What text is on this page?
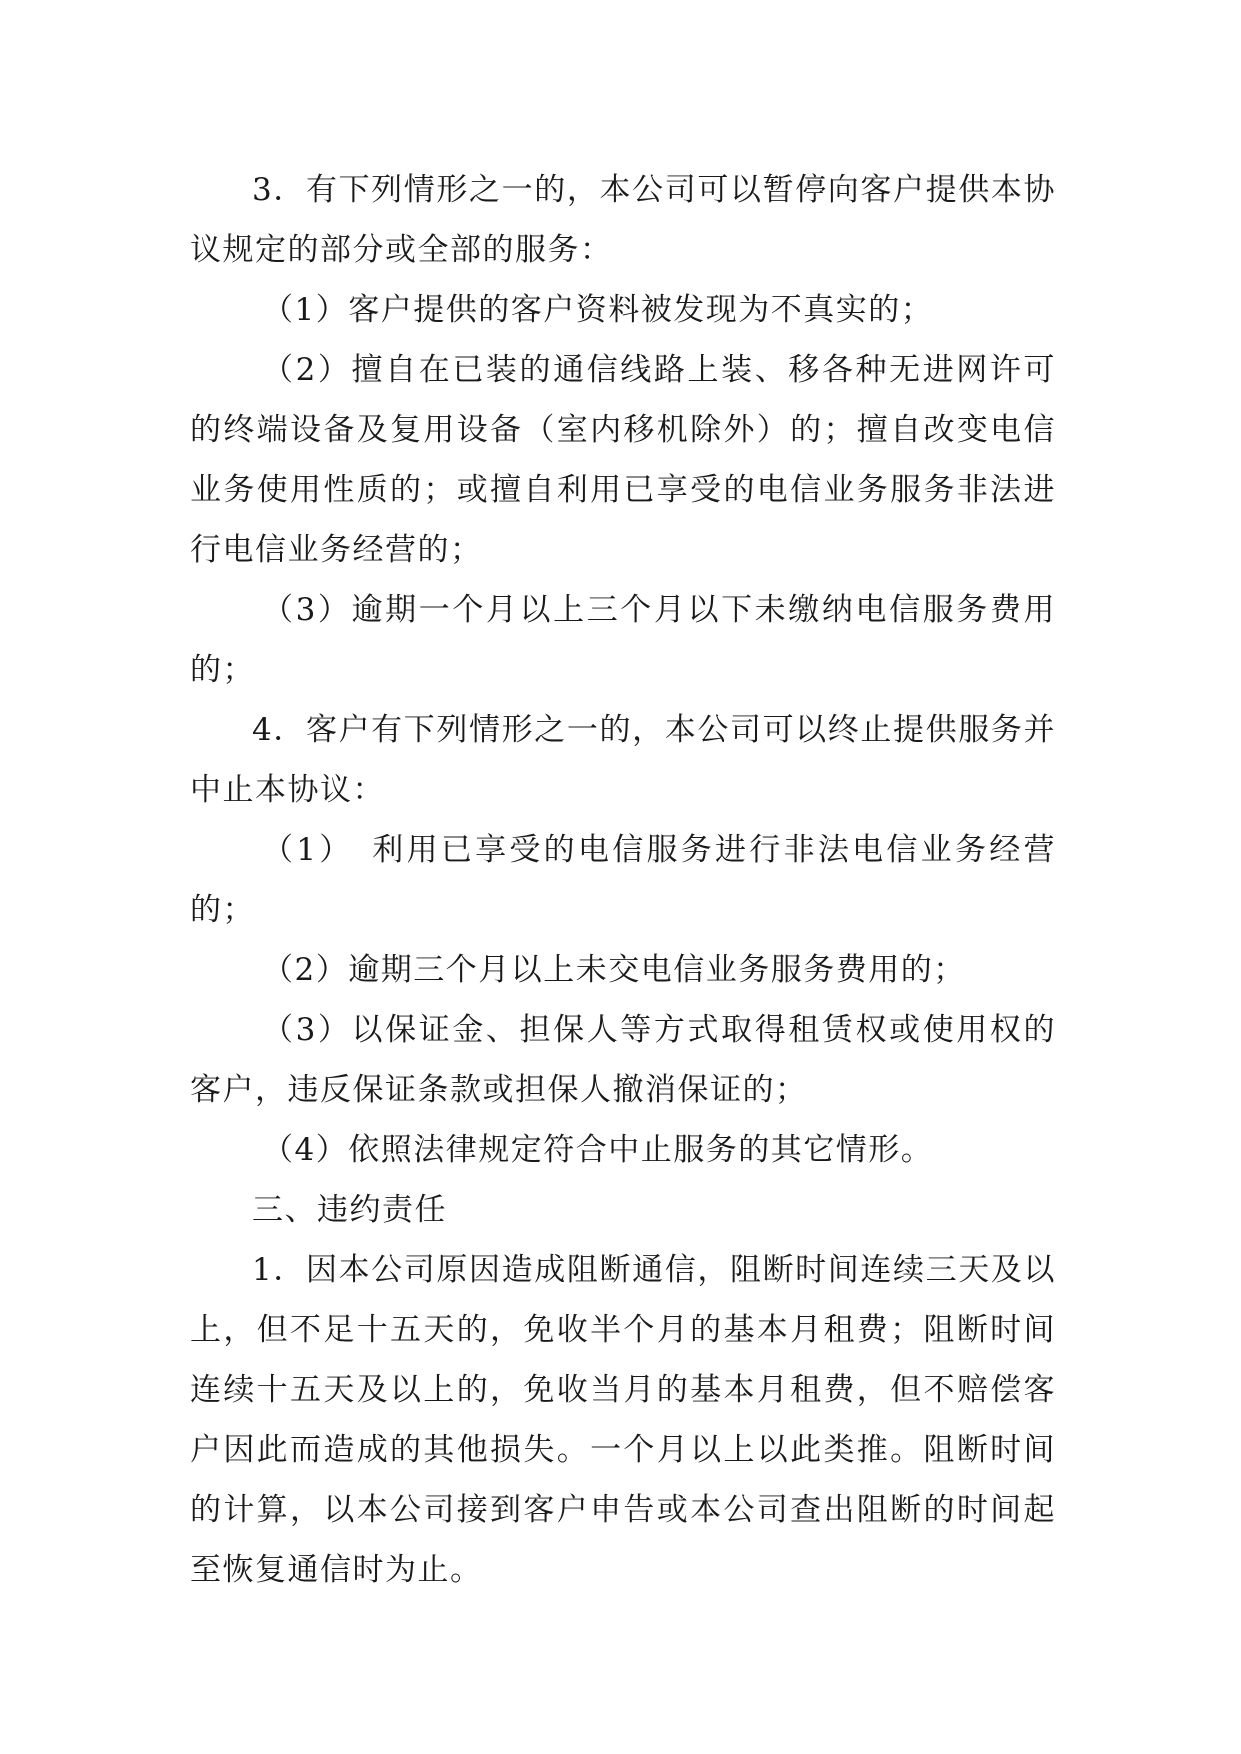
3．有下列情形之一的，本公司可以暂停向客户提供本协议规定的部分或全部的服务：

（1）客户提供的客户资料被发现为不真实的；

（2）擅自在已装的通信线路上装、移各种无进网许可的终端设备及复用设备（室内移机除外）的；擅自改变电信业务使用性质的；或擅自利用已享受的电信业务服务非法进行电信业务经营的；

（3）逾期一个月以上三个月以下未缴纳电信服务费用的；

4．客户有下列情形之一的，本公司可以终止提供服务并中止本协议：

（1）　利用已享受的电信服务进行非法电信业务经营的；

（2）逾期三个月以上未交电信业务服务费用的；

（3）以保证金、担保人等方式取得租赁权或使用权的客户，违反保证条款或担保人撤消保证的；

（4）依照法律规定符合中止服务的其它情形。

三、违约责任

1．因本公司原因造成阻断通信，阻断时间连续三天及以上，但不足十五天的，免收半个月的基本月租费；阻断时间连续十五天及以上的，免收当月的基本月租费，但不赔偿客户因此而造成的其他损失。一个月以上以此类推。阻断时间的计算，以本公司接到客户申告或本公司查出阻断的时间起至恢复通信时为止。
